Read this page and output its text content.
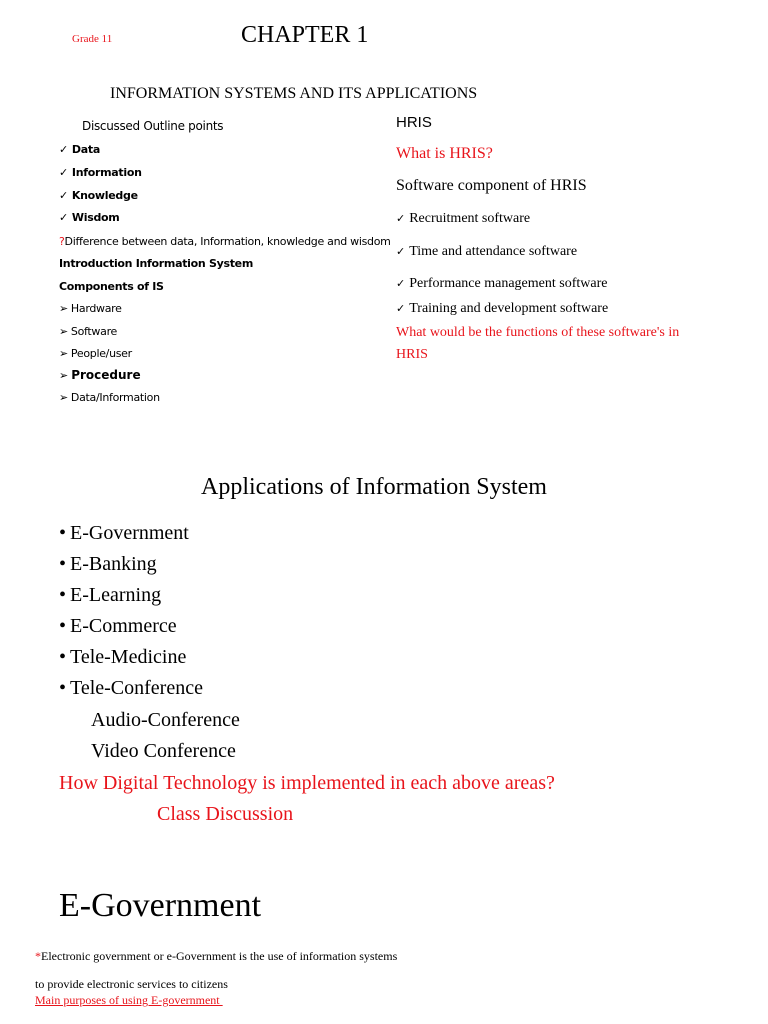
Grade 11	CHAPTER 1
INFORMATION SYSTEMS AND ITS APPLICATIONS
Discussed Outline points
✓ Data
✓ Information
✓ Knowledge
✓ Wisdom
?Difference between data, Information, knowledge and wisdom
Introduction Information System
Components of IS
➢ Hardware
➢ Software
➢ People/user
➢ Procedure
➢ Data/Information
HRIS
What is HRIS?
Software component of HRIS
✓ Recruitment software
✓ Time and attendance software
✓ Performance management software
✓ Training and development software
What would be the functions of these software's in
HRIS
Applications of Information System
• E-Government
• E-Banking
• E-Learning
• E-Commerce
• Tele-Medicine
• Tele-Conference
Audio-Conference
Video Conference
How Digital Technology is implemented in each above areas?
Class Discussion
E-Government
*Electronic government or e-Government is the use of information systems
to provide electronic services to citizens
Main purposes of using E-government
